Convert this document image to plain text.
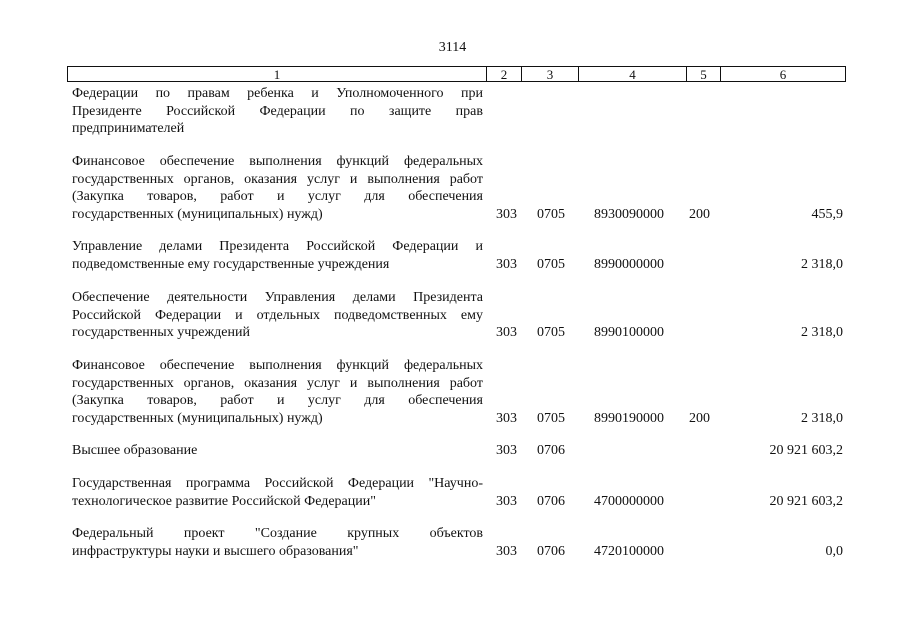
3114
1	2	3	4	5	6
Федерации по правам ребенка и Уполномоченного при
Президенте Российской Федерации по защите прав
предпринимателей
Финансовое обеспечение выполнения функций федеральных
государственных органов, оказания услуг и выполнения работ
(Закупка товаров, работ и услуг для обеспечения
государственных (муниципальных) нужд)	303 0705 8930090000 200	455,9
Управление делами Президента Российской Федерации и
подведомственные ему государственные учреждения	303 0705 8990000000	2 318,0
Обеспечение деятельности Управления делами Президента
Российской Федерации и отдельных подведомственных ему
государственных учреждений	303 0705 8990100000	2 318,0
Финансовое обеспечение выполнения функций федеральных
государственных органов, оказания услуг и выполнения работ
(Закупка товаров, работ и услуг для обеспечения
государственных (муниципальных) нужд)	303 0705 8990190000 200	2 318,0
Высшее образование	303 0706	20 921 603,2
Государственная программа Российской Федерации "Научно-
технологическое развитие Российской Федерации"	303 0706 4700000000	20 921 603,2
Федеральный проект "Создание крупных объектов
инфраструктуры науки и высшего образования"	303 0706 4720100000	0,0
